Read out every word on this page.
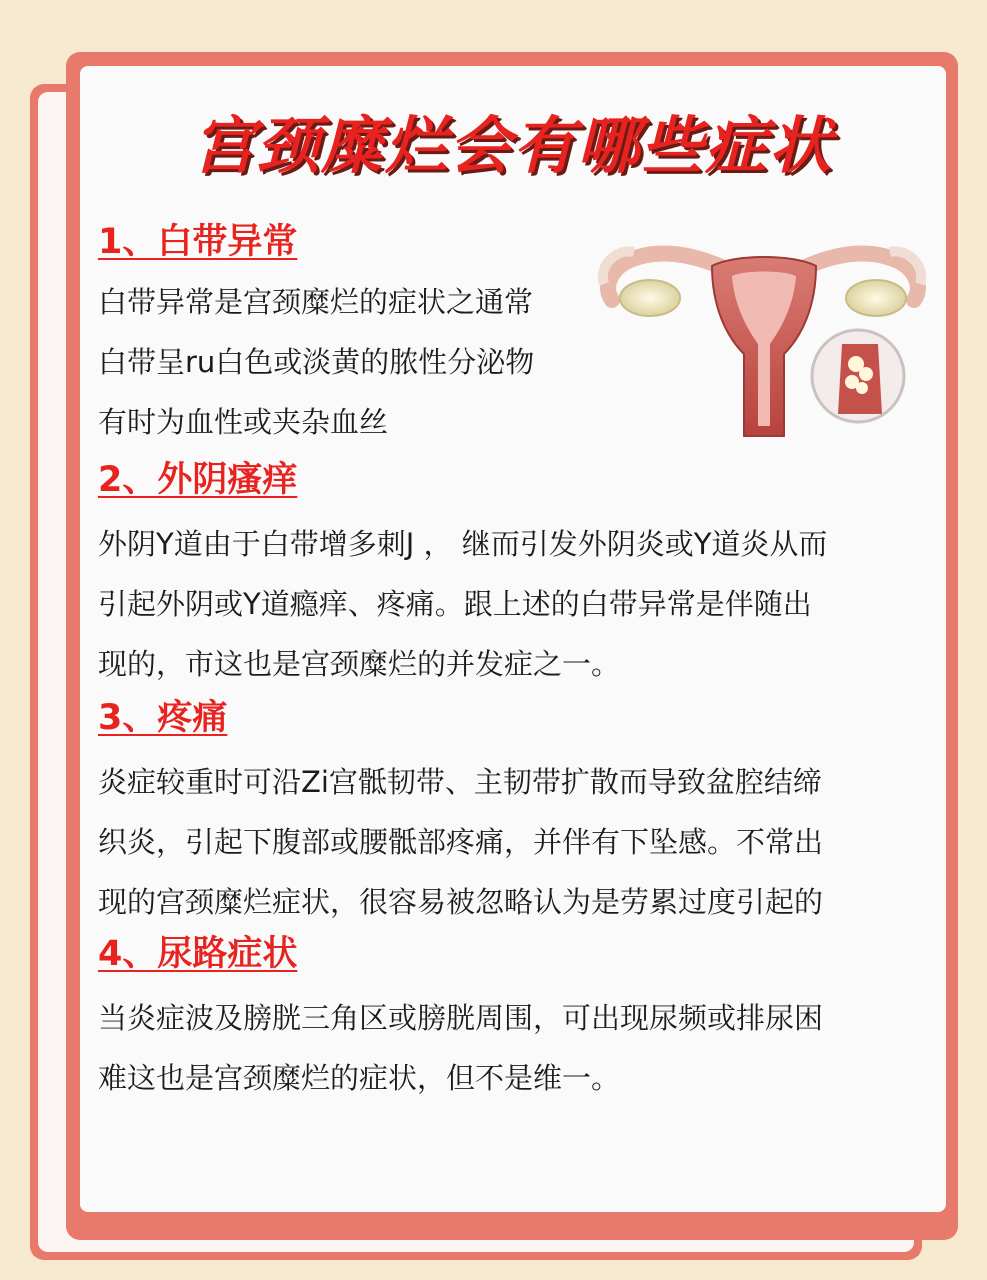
宫颈糜烂会有哪些症状
1、白带异常

白带异常是宫颈糜烂的症状之通常
白带呈ru白色或淡黄的脓性分泌物
有时为血性或夹杂血丝

2、外阴瘙痒

外阴Y道由于白带增多刺J ， 继而引发外阴炎或Y道炎从而
引起外阴或Y道瘾痒、疼痛。跟上述的白带异常是伴随出
现的，市这也是宫颈糜烂的并发症之一。

3、疼痛

炎症较重时可沿Zi宫骶韧带、主韧带扩散而导致盆腔结缔
织炎，引起下腹部或腰骶部疼痛，并伴有下坠感。不常出
现的宫颈糜烂症状，很容易被忽略认为是劳累过度引起的

4、尿路症状

当炎症波及膀胱三角区或膀胱周围，可出现尿频或排尿困
难这也是宫颈糜烂的症状，但不是维一。
